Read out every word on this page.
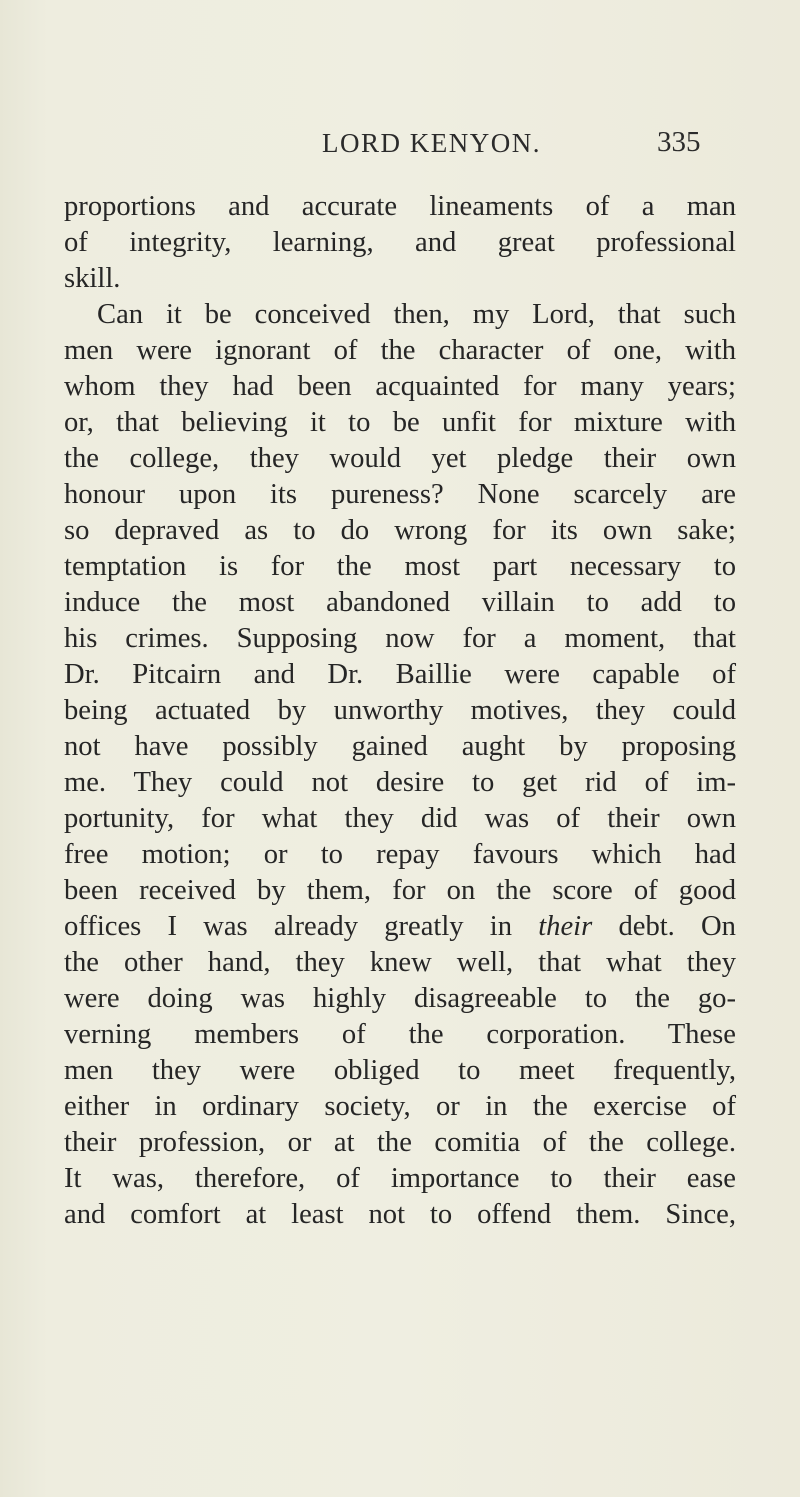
LORD KENYON.	335
proportions and accurate lineaments of a man
of integrity, learning, and great professional
skill.
Can it be conceived then, my Lord, that such
men were ignorant of the character of one, with
whom they had been acquainted for many years;
or, that believing it to be unfit for mixture with
the college, they would yet pledge their own
honour upon its pureness? None scarcely are
so depraved as to do wrong for its own sake;
temptation is for the most part necessary to
induce the most abandoned villain to add to
his crimes. Supposing now for a moment, that
Dr. Pitcairn and Dr. Baillie were capable of
being actuated by unworthy motives, they could
not have possibly gained aught by proposing
me. They could not desire to get rid of im-
portunity, for what they did was of their own
free motion; or to repay favours which had
been received by them, for on the score of good
offices I was already greatly in their debt. On
the other hand, they knew well, that what they
were doing was highly disagreeable to the go-
verning members of the corporation. These
men they were obliged to meet frequently,
either in ordinary society, or in the exercise of
their profession, or at the comitia of the college.
It was, therefore, of importance to their ease
and comfort at least not to offend them. Since,
